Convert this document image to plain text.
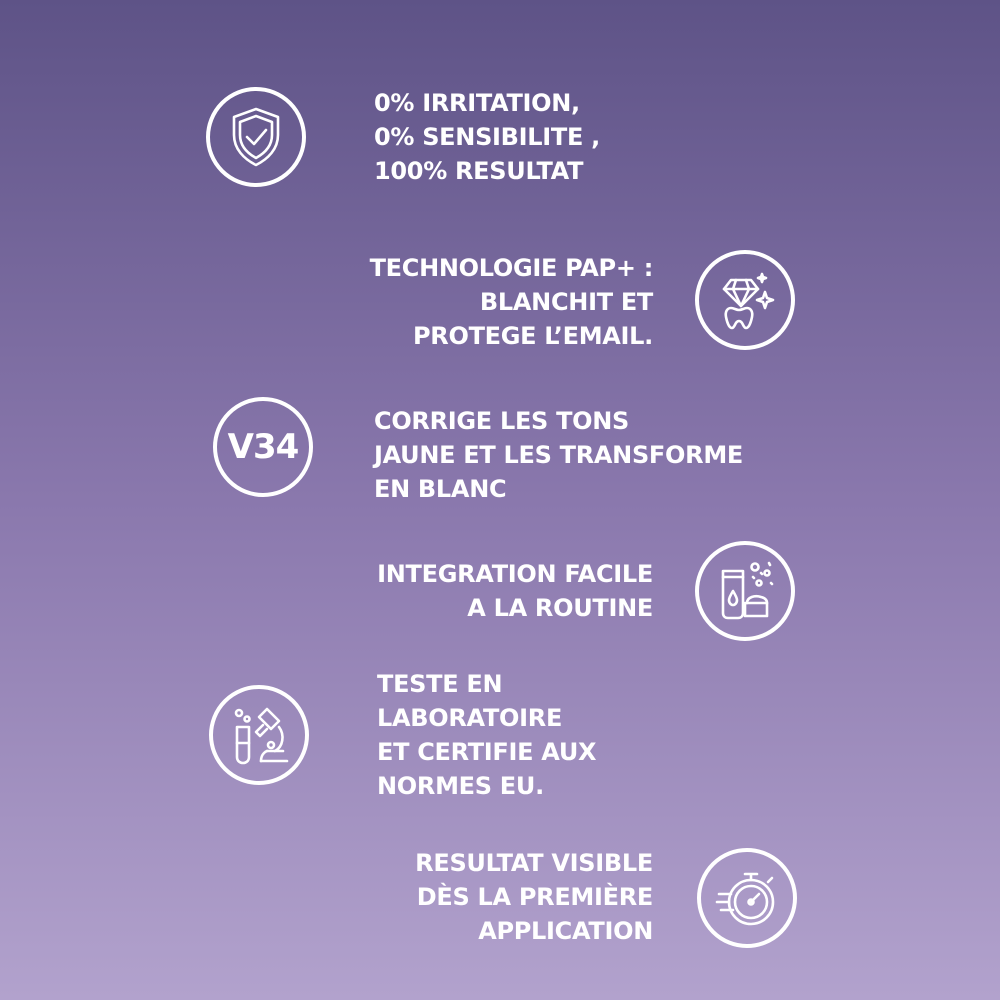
0% IRRITATION,
0% SENSIBILITE ,
100% RESULTAT

TECHNOLOGIE PAP+ :
BLANCHIT ET
PROTEGE L’EMAIL.

V34

CORRIGE LES TONS
JAUNE ET LES TRANSFORME
EN BLANC

INTEGRATION FACILE
A LA ROUTINE

TESTE EN
LABORATOIRE
ET CERTIFIE AUX
NORMES EU.

RESULTAT VISIBLE
DÈS LA PREMIÈRE
APPLICATION
